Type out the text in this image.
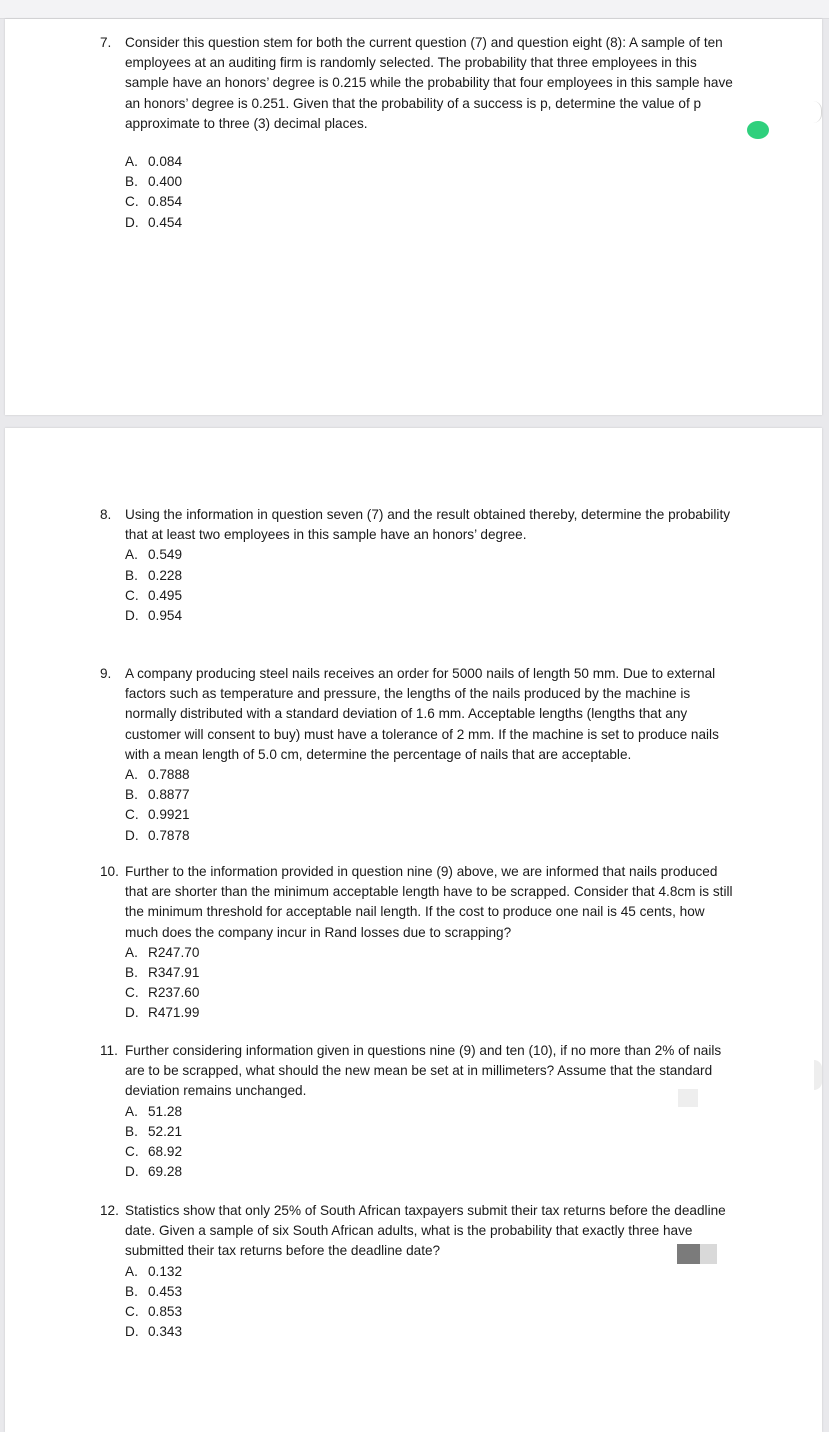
7. Consider this question stem for both the current question (7) and question eight (8): A sample of ten employees at an auditing firm is randomly selected. The probability that three employees in this sample have an honors’ degree is 0.215 while the probability that four employees in this sample have an honors’ degree is 0.251. Given that the probability of a success is p, determine the value of p approximate to three (3) decimal places.
A. 0.084
B. 0.400
C. 0.854
D. 0.454
8. Using the information in question seven (7) and the result obtained thereby, determine the probability that at least two employees in this sample have an honors’ degree.
A. 0.549
B. 0.228
C. 0.495
D. 0.954
9. A company producing steel nails receives an order for 5000 nails of length 50 mm. Due to external factors such as temperature and pressure, the lengths of the nails produced by the machine is normally distributed with a standard deviation of 1.6 mm. Acceptable lengths (lengths that any customer will consent to buy) must have a tolerance of 2 mm. If the machine is set to produce nails with a mean length of 5.0 cm, determine the percentage of nails that are acceptable.
A. 0.7888
B. 0.8877
C. 0.9921
D. 0.7878
10. Further to the information provided in question nine (9) above, we are informed that nails produced that are shorter than the minimum acceptable length have to be scrapped. Consider that 4.8cm is still the minimum threshold for acceptable nail length. If the cost to produce one nail is 45 cents, how much does the company incur in Rand losses due to scrapping?
A. R247.70
B. R347.91
C. R237.60
D. R471.99
11. Further considering information given in questions nine (9) and ten (10), if no more than 2% of nails are to be scrapped, what should the new mean be set at in millimeters? Assume that the standard deviation remains unchanged.
A. 51.28
B. 52.21
C. 68.92
D. 69.28
12. Statistics show that only 25% of South African taxpayers submit their tax returns before the deadline date. Given a sample of six South African adults, what is the probability that exactly three have submitted their tax returns before the deadline date?
A. 0.132
B. 0.453
C. 0.853
D. 0.343
